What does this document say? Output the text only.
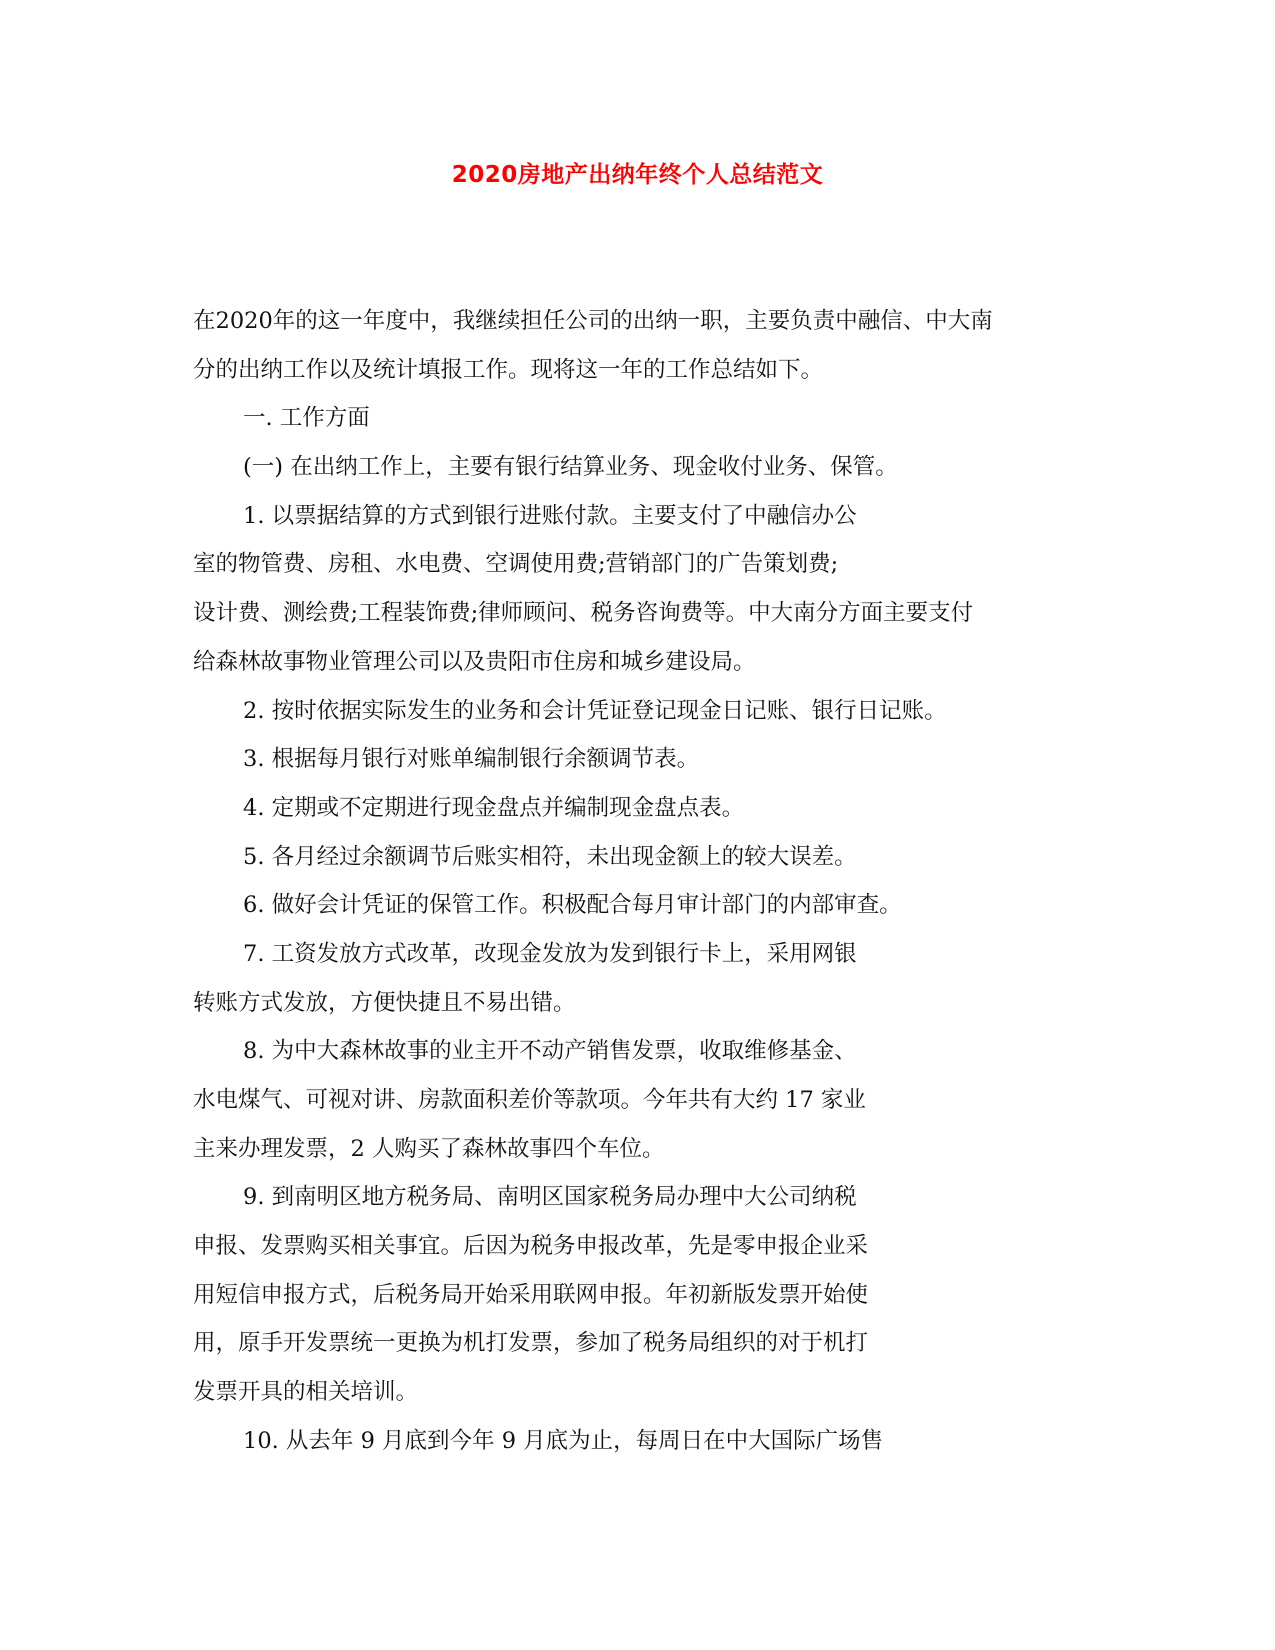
2020房地产出纳年终个人总结范文
在2020年的这一年度中，我继续担任公司的出纳一职，主要负责中融信、中大南
分的出纳工作以及统计填报工作。现将这一年的工作总结如下。
一. 工作方面
(一) 在出纳工作上，主要有银行结算业务、现金收付业务、保管。
1. 以票据结算的方式到银行进账付款。主要支付了中融信办公
室的物管费、房租、水电费、空调使用费;营销部门的广告策划费;
设计费、测绘费;工程装饰费;律师顾问、税务咨询费等。中大南分方面主要支付
给森林故事物业管理公司以及贵阳市住房和城乡建设局。
2. 按时依据实际发生的业务和会计凭证登记现金日记账、银行日记账。
3. 根据每月银行对账单编制银行余额调节表。
4. 定期或不定期进行现金盘点并编制现金盘点表。
5. 各月经过余额调节后账实相符，未出现金额上的较大误差。
6. 做好会计凭证的保管工作。积极配合每月审计部门的内部审查。
7. 工资发放方式改革，改现金发放为发到银行卡上，采用网银
转账方式发放，方便快捷且不易出错。
8. 为中大森林故事的业主开不动产销售发票，收取维修基金、
水电煤气、可视对讲、房款面积差价等款项。今年共有大约 17 家业
主来办理发票，2 人购买了森林故事四个车位。
9. 到南明区地方税务局、南明区国家税务局办理中大公司纳税
申报、发票购买相关事宜。后因为税务申报改革，先是零申报企业采
用短信申报方式，后税务局开始采用联网申报。年初新版发票开始使
用，原手开发票统一更换为机打发票，参加了税务局组织的对于机打
发票开具的相关培训。
10. 从去年 9 月底到今年 9 月底为止，每周日在中大国际广场售
